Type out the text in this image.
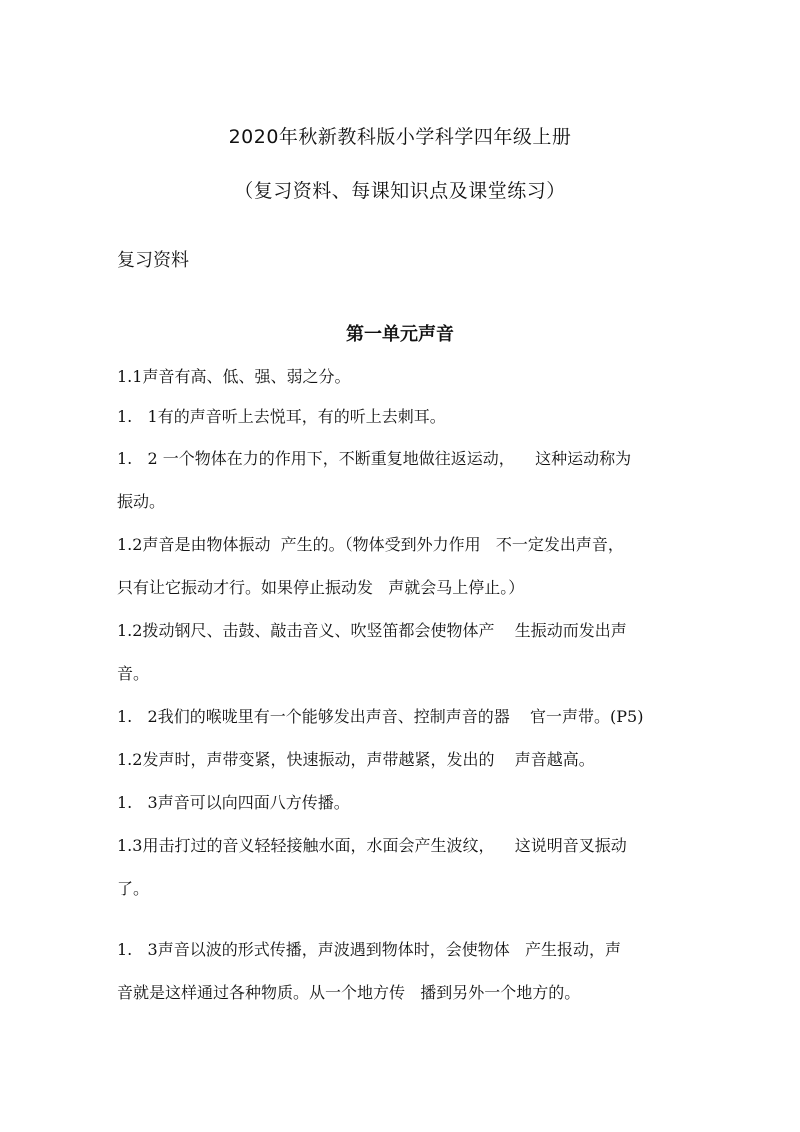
2020年秋新教科版小学科学四年级上册
（复习资料、每课知识点及课堂练习）
复习资料
第一单元声音
1.1声音有高、低、强、弱之分。
1.   1有的声音听上去悦耳，有的听上去刺耳。
1.   2 一个物体在力的作用下，不断重复地做往返运动，    这种运动称为
振动。
1.2声音是由物体振动  产生的。（物体受到外力作用   不一定发出声音，
只有让它振动才行。如果停止振动发   声就会马上停止。）
1.2拨动钢尺、击鼓、敲击音义、吹竖笛都会使物体产    生振动而发出声
音。
1.   2我们的喉咙里有一个能够发出声音、控制声音的器    官一声带。(P5)
1.2发声时，声带变紧，快速振动，声带越紧，发出的    声音越高。
1.   3声音可以向四面八方传播。
1.3用击打过的音义轻轻接触水面，水面会产生波纹，    这说明音叉振动
了。
1.   3声音以波的形式传播，声波遇到物体时，会使物体   产生报动，声
音就是这样通过各种物质。从一个地方传   播到另外一个地方的。
